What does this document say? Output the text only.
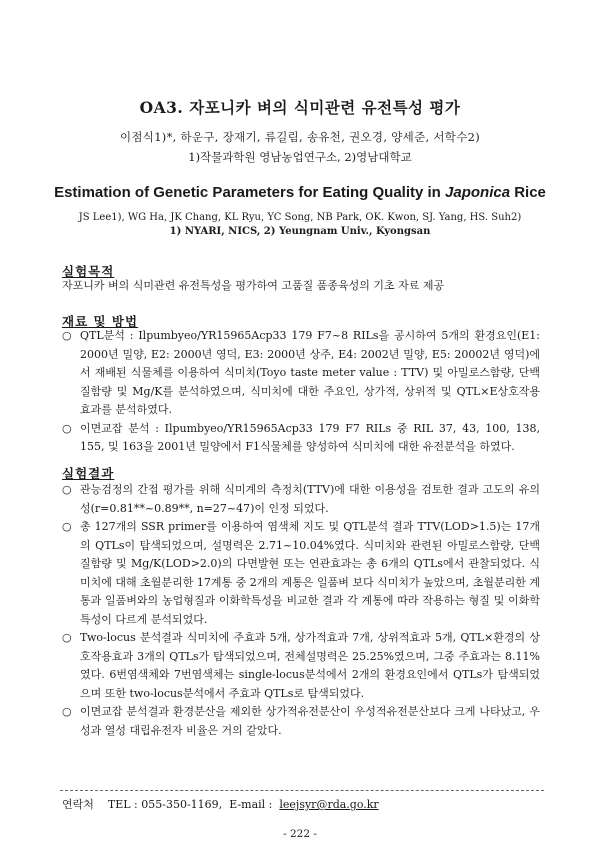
OA3. 자포니카 벼의 식미관련 유전특성 평가
이점식1)*, 하운구, 장재기, 류길림, 송유천, 권오경, 양세준, 서학수2)
1)작물과학원 영남농업연구소, 2)영남대학교
Estimation of Genetic Parameters for Eating Quality in Japonica Rice
JS Lee1), WG Ha, JK Chang, KL Ryu, YC Song, NB Park, OK. Kwon, SJ. Yang, HS. Suh2)
1) NYARI, NICS, 2) Yeungnam Univ., Kyongsan
실험목적
자포니카 벼의 식미관련 유전특성을 평가하여 고품질 품종육성의 기초 자료 제공
재료 및 방법
○ QTL분석 : Ilpumbyeo/YR15965Acp33 179 F7~8 RILs을 공시하여 5개의 환경요인(E1: 2000년 밀양, E2: 2000년 영덕, E3: 2000년 상주, E4: 2002년 밀양, E5: 20002년 영덕)에서 재배된 식물체를 이용하여 식미치(Toyo taste meter value : TTV) 및 아밀로스함량, 단백질함량 및 Mg/K를 분석하였으며, 식미치에 대한 주요인, 상가적, 상위적 및 QTL×E상호작용 효과를 분석하였다.
○ 이면교잡 분석 : Ilpumbyeo/YR15965Acp33 179 F7 RILs 중 RIL 37, 43, 100, 138, 155, 및 163을 2001년 밀양에서 F1식물체를 양성하여 식미치에 대한 유전분석을 하였다.
실험결과
○ 관능검정의 간접 평가를 위해 식미계의 측정치(TTV)에 대한 이용성을 검토한 결과 고도의 유의성(r=0.81**~0.89**, n=27~47)이 인정 되었다.
○ 총 127개의 SSR primer를 이용하여 염색체 지도 및 QTL분석 결과 TTV(LOD>1.5)는 17개의 QTLs이 탐색되었으며, 설명력은 2.71~10.04%였다. 식미치와 관련된 아밀로스함량, 단백질함량 및 Mg/K(LOD>2.0)의 다면발현 또는 연관효과는 총 6개의 QTLs에서 관찰되었다. 식미치에 대해 초월분리한 17계통 중 2개의 계통은 일품벼 보다 식미치가 높았으며, 초월분리한 계통과 일품벼와의 농업형질과 이화학특성을 비교한 결과 각 계통에 따라 작용하는 형질 및 이화학특성이 다르게 분석되었다.
○ Two-locus 분석결과 식미치에 주효과 5개, 상가적효과 7개, 상위적효과 5개, QTL×환경의 상호작용효과 3개의 QTLs가 탐색되었으며, 전체설명력은 25.25%였으며, 그중 주효과는 8.11%였다. 6번염색체와 7번염색체는 single-locus분석에서 2개의 환경요인에서 QTLs가 탐색되었으며 또한 two-locus분석에서 주효과 QTLs로 탐색되었다.
○ 이면교잡 분석결과 환경분산을 제외한 상가적유전분산이 우성적유전분산보다 크게 나타났고, 우성과 열성 대립유전자 비율은 거의 같았다.
연락처 TEL : 055-350-1169, E-mail : leejsyr@rda.go.kr
- 222 -
